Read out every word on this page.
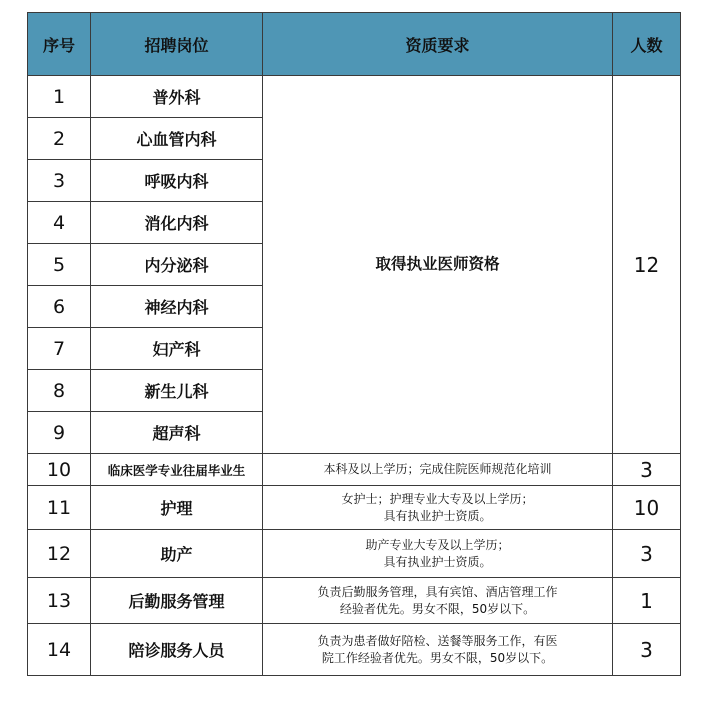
序号	招聘岗位	资质要求	人数
1	普外科	取得执业医师资格	12
2	心血管内科		
3	呼吸内科		
4	消化内科		
5	内分泌科		
6	神经内科		
7	妇产科		
8	新生儿科		
9	超声科		
10	临床医学专业往届毕业生	本科及以上学历；完成住院医师规范化培训	3
11	护理	女护士；护理专业大专及以上学历；
具有执业护士资质。	10
12	助产	助产专业大专及以上学历；
具有执业护士资质。	3
13	后勤服务管理	负责后勤服务管理，具有宾馆、酒店管理工作
经验者优先。男女不限，50岁以下。	1
14	陪诊服务人员	负责为患者做好陪检、送餐等服务工作，有医
院工作经验者优先。男女不限，50岁以下。	3
